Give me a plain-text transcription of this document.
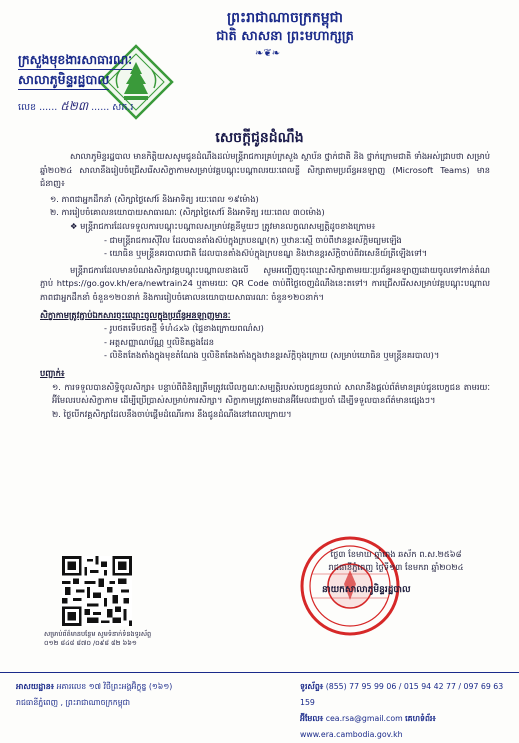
ព្រះរាជាណាចក្រកម្ពុជា
ជាតិ សាសនា ព្រះមហាក្សត្រ
❧❦❧
ក្រសួងមុខងារសាធារណៈ
សាលាភូមិន្ទរដ្ឋបាល
លេខ ...... ៥២៣ ...... សភ.រ
សេចក្តីជូនដំណឹង

សាលាភូមិន្ទរដ្ឋបាល មានកិត្តិយសសូមជូនដំណឹងដល់មន្ត្រីរាជការគ្រប់ក្រសួង ស្ថាប័ន ថ្នាក់ជាតិ និង ថ្នាក់ក្រោមជាតិ ទាំងអស់ជ្រាបថា សម្រាប់ឆ្នាំ២០២៤ សាលានឹងរៀបចំជ្រើសរើសសិក្ខាកាមសម្រាប់វគ្គបណ្តុះបណ្តាលរយៈពេលខ្លី សិក្សាតាមប្រព័ន្ធអនឡាញ (Microsoft Teams) មានជំនាញ៖

១. ភាពជាអ្នកដឹកនាំ (សិក្សាថ្ងៃសៅរ៍ និងអាទិត្យ រយៈពេល ១៩ម៉ោង)
២. ការរៀបចំគោលនយោបាយសាធារណៈ (សិក្សាថ្ងៃសៅរ៍ និងអាទិត្យ រយៈពេល ៣០ម៉ោង)
❖ មន្ត្រីរាជការដែលទទួលការបណ្តុះបណ្តាលសម្រាប់វគ្គនីមួយៗ ត្រូវមានលក្ខណសម្បត្តិដូចខាងក្រោម៖
- ជាមន្ត្រីរាជការស៊ីវិល ដែលបានតាំងស៊ប់ក្នុងក្របខណ្ឌ(ក) ឬឋានៈស្មើ ចាប់ពីឋានន្តរស័ក្តិមធ្យមឡើង
- យោធិន ឬមន្ត្រីនគរបាលជាតិ ដែលបានតាំងស៊ប់ក្នុងក្របខណ្ឌ និងឋានន្តរស័ក្តិចាប់ពីវរសេនីយ៍ត្រីឡើងទៅ។

មន្ត្រីរាជការដែលមានបំណងសិក្សាវគ្គបណ្តុះបណ្តាលខាងលើ សូមអញ្ជើញចុះឈ្មោះសិក្សាតាមរយៈប្រព័ន្ធអនឡាញដោយចូលទៅកាន់តំណភ្ជាប់ https://go.gov.kh/era/newtrain24 ឬតាមរយៈ QR Code ចាប់ពីថ្ងៃចេញដំណឹងនេះតទៅ។ ការជ្រើសរើសសម្រាប់វគ្គបណ្តុះបណ្តាល ភាពជាអ្នកដឹកនាំ ចំនួន១២០នាក់ និងការរៀបចំគោលនយោបាយសាធារណៈ ចំនួន១២០នាក់។

សិក្ខាកាមត្រូវភ្ជាប់ឯកសារចុះឈ្មោះចូលក្នុងប្រព័ន្ធអនឡាញមានៈ
- រូបថតទើបថតថ្មី ទំហំ៤x៦ (ផ្ទៃខាងក្រោយពណ៌ស)
- អត្តសញ្ញាណប័ណ្ណ ឬលិខិតឆ្លងដែន
- លិខិតតែងតាំងក្នុងមុខតំណែង ឬលិខិតតែងតាំងក្នុងឋានន្តរស័ក្តិចុងក្រោយ (សម្រាប់យោធិន ឬមន្ត្រីនគរបាល)។
បញ្ជាក់៖
១. ការទទួលបានសិទ្ធិចូលសិក្សា៖ បន្ទាប់ពីពិនិត្យត្រឹមត្រូវលើលក្ខណៈសម្បត្តិរបស់បេក្ខជនរួចរាល់ សាលានឹងផ្តល់ព័ត៌មានគ្រប់ជូនបេក្ខជន តាមរយៈអ៊ីមែលរបស់សិក្ខាកាម ដើម្បីប្រើប្រាស់សម្រាប់ការសិក្សា។ សិក្ខាកាមត្រូវតាមដានអ៊ីមែលជាប្រចាំ ដើម្បីទទួលបានព័ត៌មានផ្សេងៗ។
២. ថ្ងៃបើកវគ្គសិក្សាដែលនឹងចាប់ផ្តើមដំណើរការ នឹងជូនដំណឹងនៅពេលក្រោយ។
ថ្ងៃ៣ ខែមាឃ ឆ្នាំរោង ឆស័ក ព.ស.២៥៦៨
រាជធានីភ្នំពេញ ថ្ងៃទី១៣ ខែមករា ឆ្នាំ២០២៤
នាយកសាលាភូមិន្ទរដ្ឋបាល
សម្រាប់ព័ត៌មានបន្ថែម សូមទំនាក់ទំនងទូរស័ព្ទ
០១២ ៨៤៨ ៨៧០ /០៩៨ ៨២ ៦៦១
អាសយដ្ឋាន៖ អគារលេខ ១៧ វិថីព្រះអង្គអ៊ិក្ខុឌ្ឌ (១៦១)
រាជធានីភ្នំពេញ , ព្រះរាជាណាចក្រកម្ពុជា
ទូរស័ព្ទ៖ (855) 77 95 99 06 / 015 94 42 77 / 097 69 63 159
អ៊ីមែល៖ cea.rsa@gmail.com គេហទំព័រ៖ www.era.cambodia.gov.kh
